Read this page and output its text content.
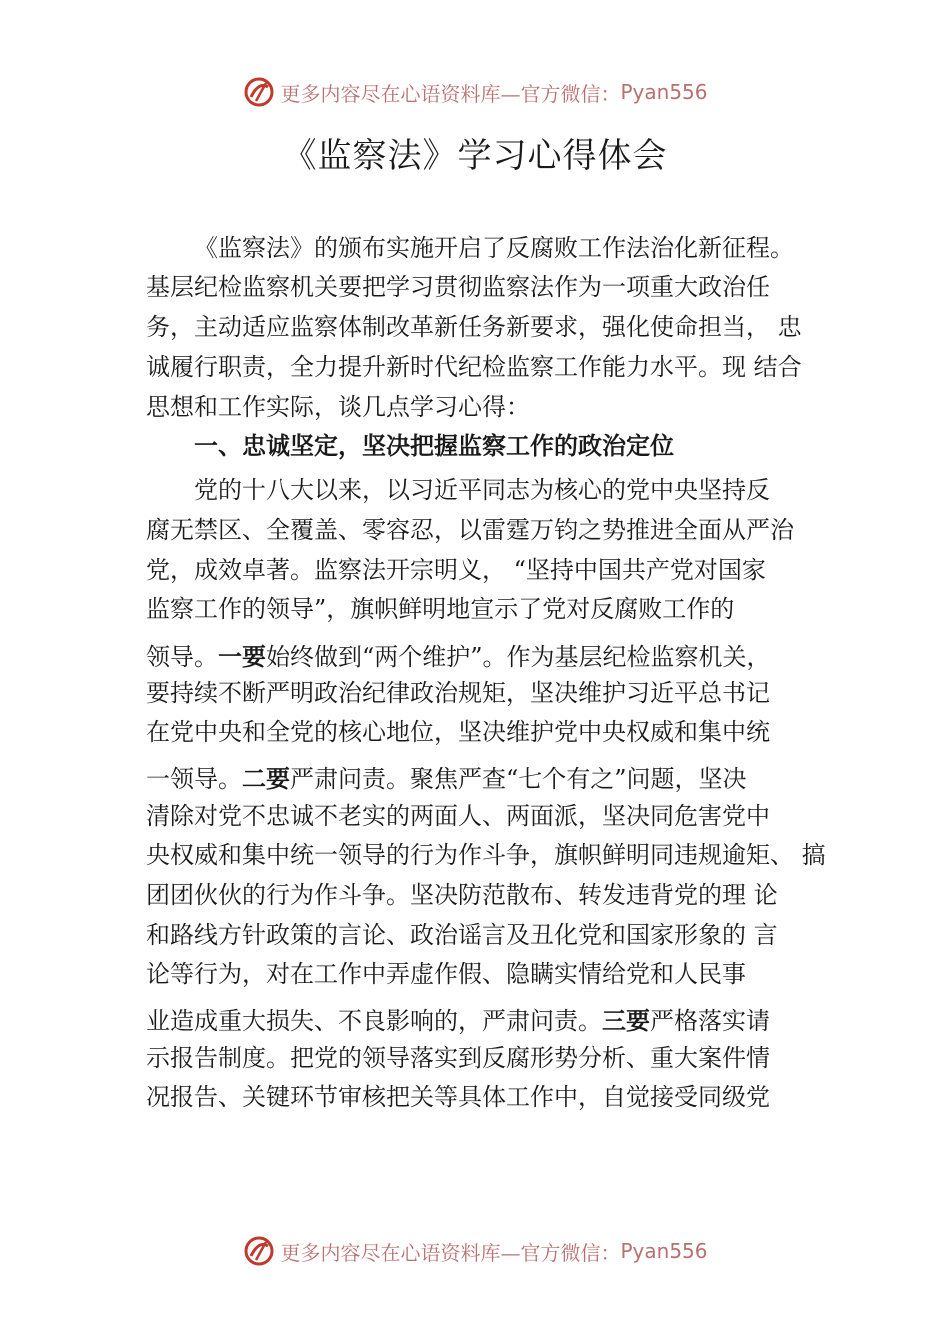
更多内容尽在心语资料库—官方微信： Pyan556
《监察法》学习心得体会
《监察法》的颁布实施开启了反腐败工作法治化新征程。
基层纪检监察机关要把学习贯彻监察法作为一项重大政治任
务，主动适应监察体制改革新任务新要求，强化使命担当， 忠
诚履行职责，全力提升新时代纪检监察工作能力水平。现 结合
思想和工作实际，谈几点学习心得：
一、忠诚坚定，坚决把握监察工作的政治定位
党的十八大以来，以习近平同志为核心的党中央坚持反
腐无禁区、全覆盖、零容忍，以雷霆万钧之势推进全面从严治
党，成效卓著。监察法开宗明义， “坚持中国共产党对国家
监察工作的领导”，旗帜鲜明地宣示了党对反腐败工作的
领导。一要始终做到“两个维护”。作为基层纪检监察机关，
要持续不断严明政治纪律政治规矩，坚决维护习近平总书记
在党中央和全党的核心地位，坚决维护党中央权威和集中统
一领导。二要严肃问责。聚焦严查“七个有之”问题，坚决
清除对党不忠诚不老实的两面人、两面派，坚决同危害党中
央权威和集中统一领导的行为作斗争，旗帜鲜明同违规逾矩、 搞
团团伙伙的行为作斗争。坚决防范散布、转发违背党的理 论
和路线方针政策的言论、政治谣言及丑化党和国家形象的 言
论等行为，对在工作中弄虚作假、隐瞒实情给党和人民事
业造成重大损失、不良影响的，严肃问责。三要严格落实请
示报告制度。把党的领导落实到反腐形势分析、重大案件情
况报告、关键环节审核把关等具体工作中，自觉接受同级党
更多内容尽在心语资料库—官方微信： Pyan556
